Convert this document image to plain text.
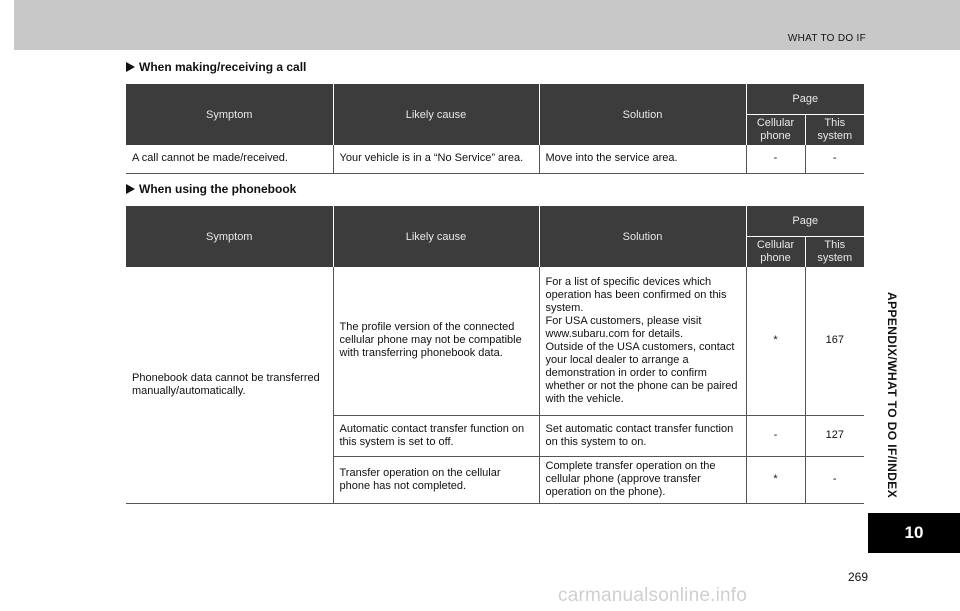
WHAT TO DO IF
When making/receiving a call
Symptom	Likely cause	Solution	Page	
			Cellular phone	This system
A call cannot be made/received.	Your vehicle is in a “No Service” area.	Move into the service area.	-	-
When using the phonebook
Symptom	Likely cause	Solution	Page	
			Cellular phone	This system
Phonebook data cannot be transferred manually/automatically.	The profile version of the connected cellular phone may not be compatible with transferring phonebook data.	For a list of specific devices which operation has been confirmed on this system.
For USA customers, please visit www.subaru.com for details.
Outside of the USA customers, contact your local dealer to arrange a demonstration in order to confirm whether or not the phone can be paired with the vehicle.	*	167
	Automatic contact transfer function on this system is set to off.	Set automatic contact transfer function on this system to on.	-	127
	Transfer operation on the cellular phone has not completed.	Complete transfer operation on the cellular phone (approve transfer operation on the phone).	*	-	APPENDIX/WHAT TO DO IF/INDEX
10
269
carmanualsonline.info
